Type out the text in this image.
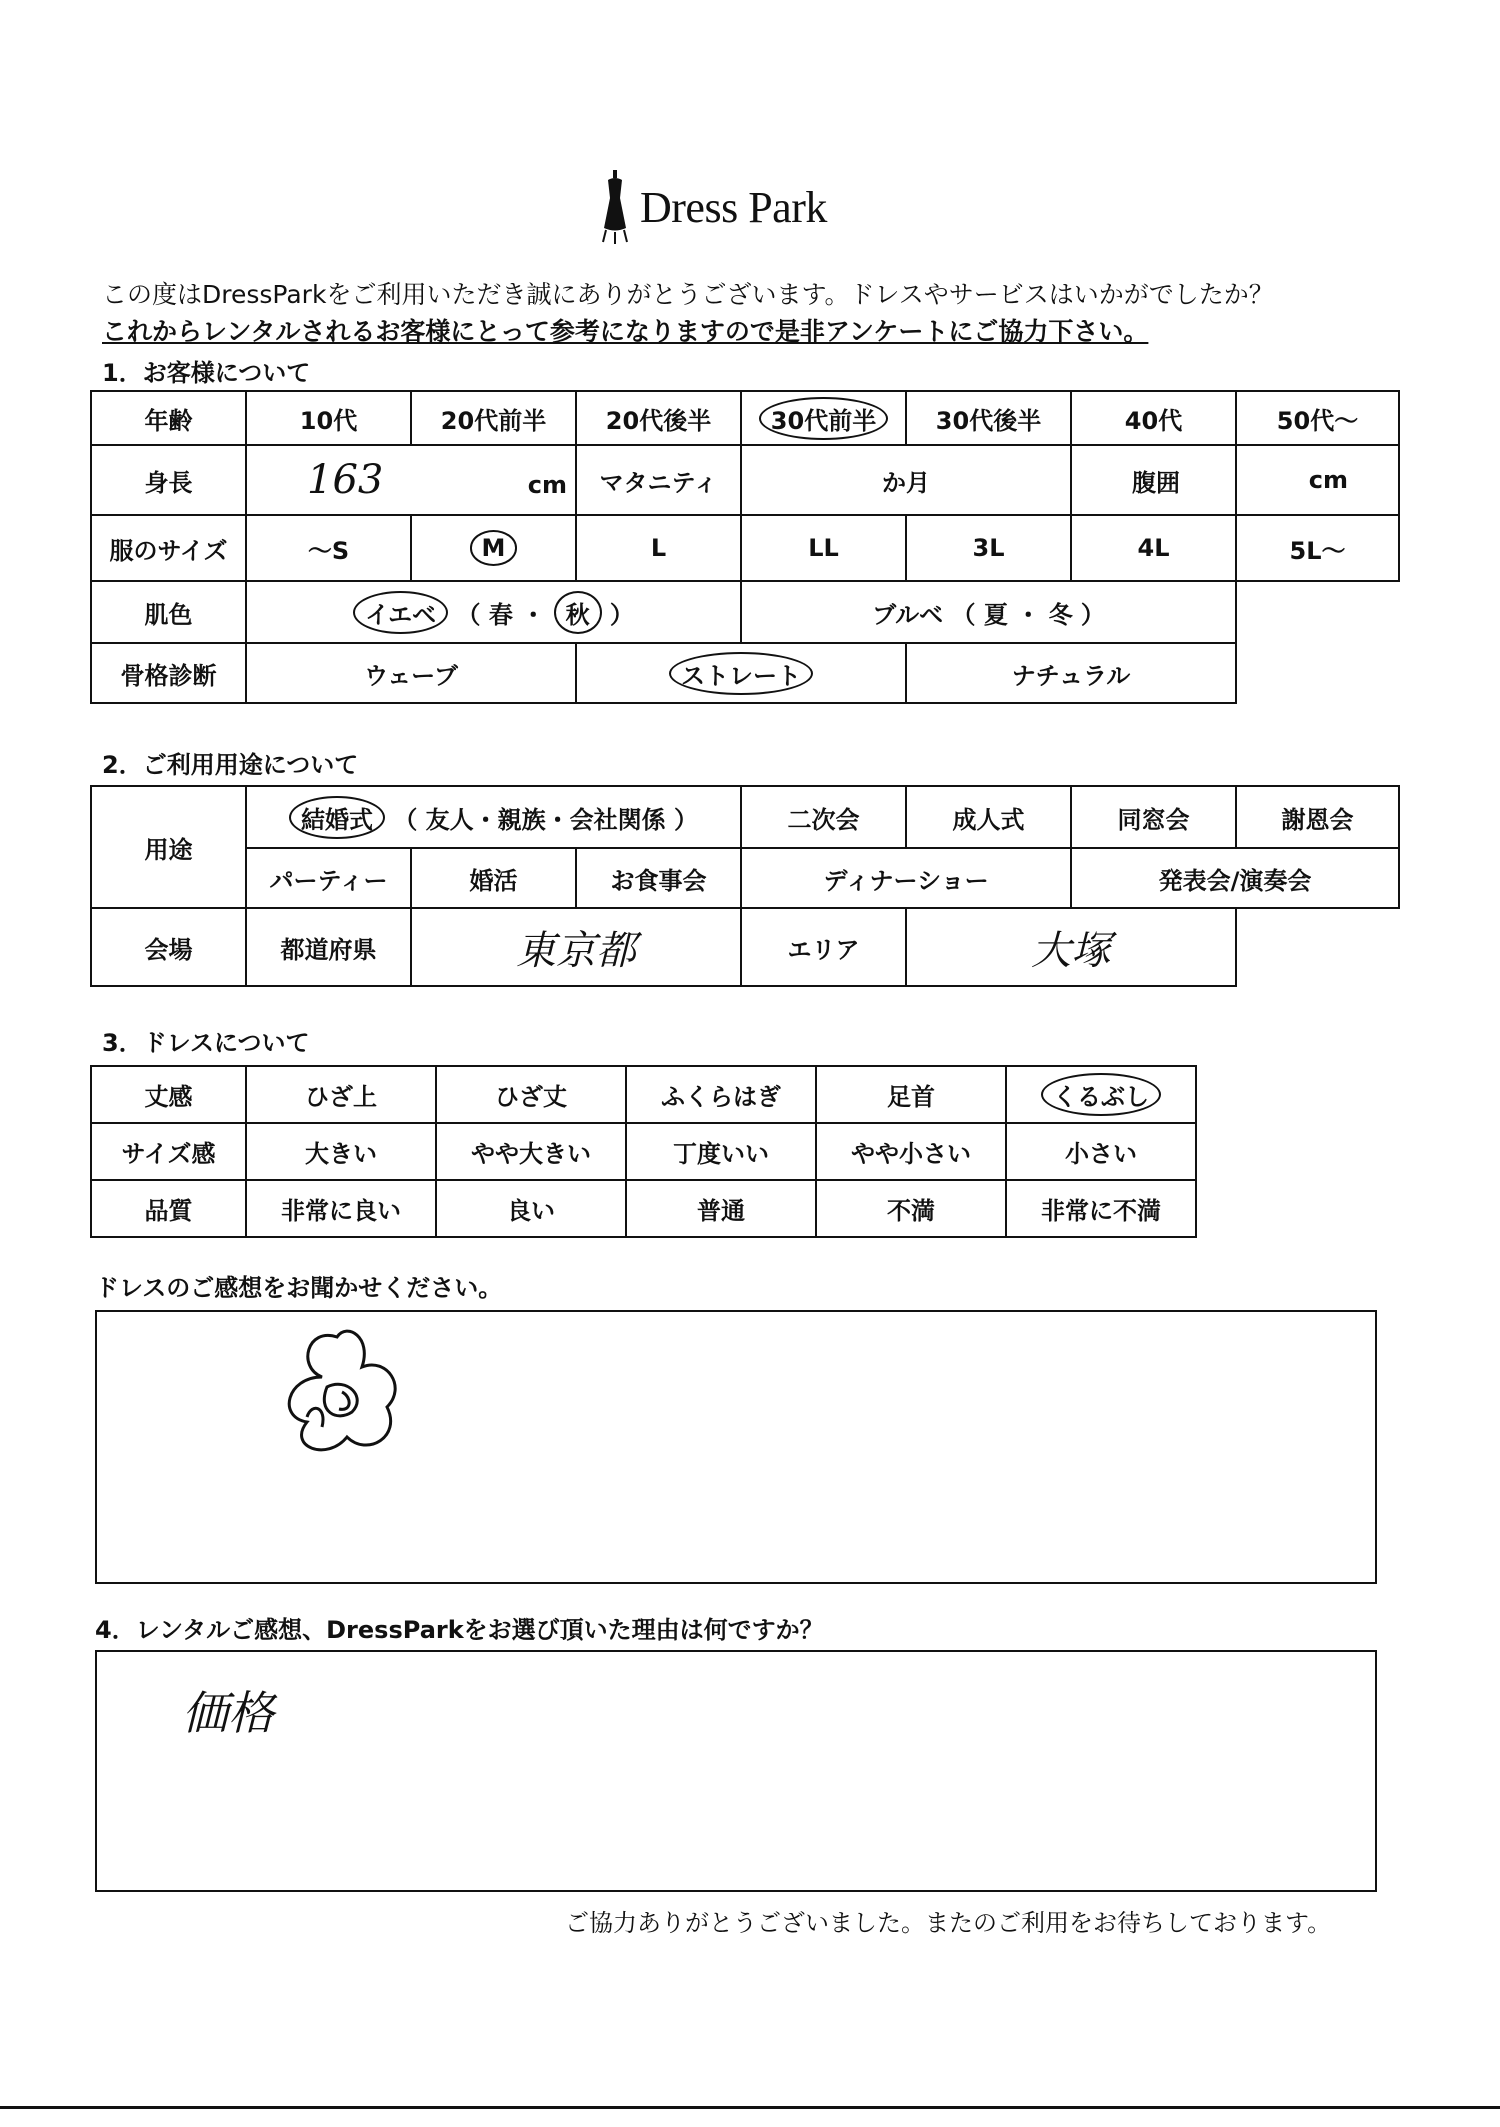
Dress Park
この度はDressParkをご利用いただき誠にありがとうございます。ドレスやサービスはいかがでしたか？
これからレンタルされるお客様にとって参考になりますので是非アンケートにご協力下さい。
1．お客様について
年齢	10代	20代前半	20代後半	30代前半	30代後半	40代	50代～
身長	163 cm		マタニティ	か月		腹囲	cm
服のサイズ	～S	M	L	LL	3L	4L	5L～
肌色	イエベ （ 春 ・ 秋 ）			ブルベ （ 夏 ・ 冬 ）			
骨格診断	ウェーブ		ストレート		ナチュラル		
2．ご利用用途について
用途	結婚式 （ 友人・親族・会社関係 ）			二次会	成人式	同窓会	謝恩会
	パーティー	婚活	お食事会	ディナーショー		発表会/演奏会	
会場	都道府県	東京都		エリア	大塚		
3．ドレスについて
丈感	ひざ上	ひざ丈	ふくらはぎ	足首	くるぶし
サイズ感	大きい	やや大きい	丁度いい	やや小さい	小さい
品質	非常に良い	良い	普通	不満	非常に不満
ドレスのご感想をお聞かせください。
4．レンタルご感想、DressParkをお選び頂いた理由は何ですか？
価格
ご協力ありがとうございました。またのご利用をお待ちしております。
